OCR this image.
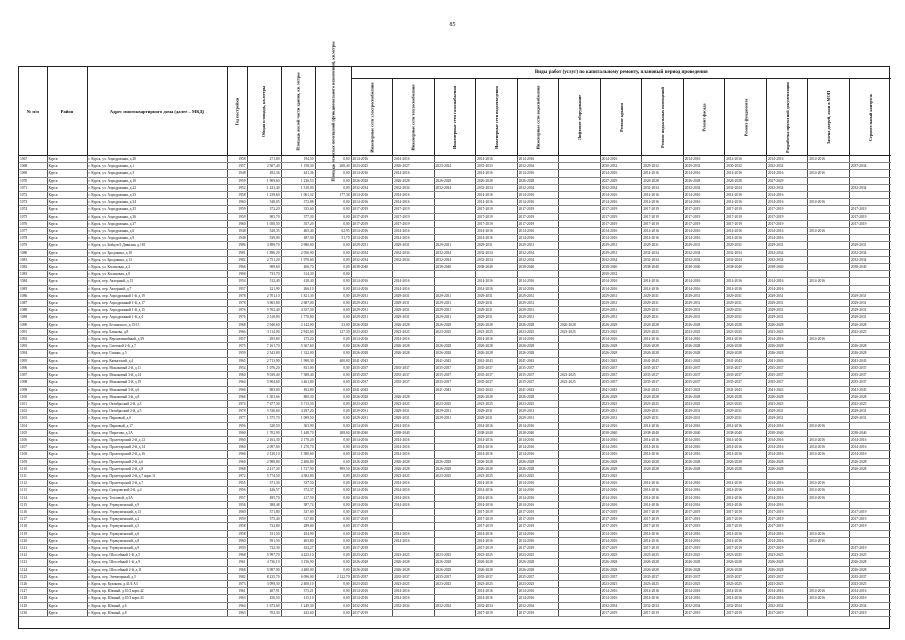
85
№ п/п	Район	Адрес многоквартирного дома (далее – МКД)	Год постройки	Общая площадь, кв.метры	Площадь жилой части здания, кв. метры	Площадь нежилых помещений (функционального назначения), кв.метры	Виды работ (услуг) по капитальному ремонту, плановый период проведения												

							Инженерные сети электроснабжения	Инженерные сети теплоснабжения	Инженерные сети газоснабжения	Инженерные сети водоотведения	Инженерные сети водоснабжения	Лифтовое оборудование	Ремонт крыши	Ремонт подвальных помещений	Ремонт фасада	Ремонт фундамента	Разработка проектной документации	Замена дверей, окон в МОП	Строительный контроль
1067	Курск	г. Курск, ул. Аэродромная, д.20	1958	271,80	194,50	0,00	2014-2016	2014-2016		2014-2016	2014-2016		2014-2016		2014-2016	2014-2016	2014-2016	2014-2016	
1068	Курск	г. Курск, ул. Аэродромная, д.1	1957	2 307,40	1 158,30	268,40	2023-2025	2026-2027	2023-2024	2031-2033	2032-2034		2030-2032	2029-2032	2029-2032	2030-2032	2032-2034		2037-2034
1069	Курск	г. Курск, ул. Аэродромная, д.3	1948	492,36	441,36	0,00	2014-2016	2014-2016		2014-2016	2014-2016		2014-2016	2014-2016	2014-2016	2014-2016	2014-2016	2014-2016	
1070	Курск	г. Курск, ул. Аэродромная, д.10	1959	1 909,60	1 236,53	0,00	2026-2028	2026-2028	2026-2028	2026-2028	2026-2028		2027-2029	2026-2028	2026-2028	2026-2028	2027-2029		
1071	Курск	г. Курск, ул. Аэродромная, д.22	1952	1 423,40	1 310,00	0,00	2032-2034	2032-2034	2032-2034	2032-2034	2032-2034		2032-2034	2032-2034	2032-2034	2032-2034	2032-2034		2032-2034
1072	Курск	г. Курск, ул. Аэродромная, д.33	1958	1 239,60	1 061,32	177,38	2014-2016	2014-2016		2014-2016	2014-2016		2014-2016	2014-2016	2014-2016	2014-2016	2014-2016		
1073	Курск	г. Курск, ул. Аэродромная, д.34	1960	548,05	372,88	0,00	2014-2016	2014-2016		2014-2016	2014-2016		2014-2016	2014-2016	2014-2016	2014-2016	2014-2016	2014-2016	
1074	Курск	г. Курск, ул. Аэродромная, д.35	1959	372,20	333,60	0,00	2017-2019	2017-2019		2017-2019	2017-2019		2017-2019	2017-2019	2017-2019	2017-2019	2017-2019		2017-2019
1075	Курск	г. Курск, ул. Аэродромная, д.36	1959	905,70	377,30	0,00	2017-2019	2017-2019		2017-2019	2017-2019		2017-2019	2017-2019	2017-2019	2017-2019	2017-2019		2017-2019
1076	Курск	г. Курск, ул. Аэродромная, д.37	1960	1 050,50	557,20	0,00	2017-2019	2017-2019		2017-2019	2017-2019		2017-2019	2017-2019	2017-2019	2017-2019	2017-2019		2017-2019
1077	Курск	г. Курск, ул. Аэродромная, д.6	1948	528,35	465,40	62,95	2014-2016	2014-2016		2014-2016	2014-2016		2014-2016	2014-2016	2014-2016	2014-2016	2014-2016	2014-2016	
1078	Курск	г. Курск, ул. Аэродромная, д.9	1948	539,00	487,30	51,70	2014-2016	2014-2016		2014-2016	2014-2016		2014-2016	2014-2016	2014-2016	2014-2016	2014-2016		
1079	Курск	г. Курск, ул. Бойцов 9 Дивизии, д.181	1986	3 899,70	2 980,00	0,00	2029-2031	2029-2031	2029-2031	2029-2031	2029-2031		2029-2031	2029-2031	2029-2031	2029-2031	2029-2031		2029-2031
1080	Курск	г. Курск, ул. Бродокина, д.18	1981	1 896,20	2 056,90	0,00	2032-2034	2032-2034	2032-2034	2032-2034	2032-2034		2029-2031	2032-2034	2032-2034	2032-2034	2032-2034		2032-2034
1081	Курск	г. Курск, ул. Бродокина, д.13	1982	2 751,20	1 970,60	0,00	2032-2034	2032-2034	2032-2034	2032-2034	2032-2034		2032-2034	2032-2034	2032-2034	2032-2034	2032-2034		2032-2034
1082	Курск	г. Курск, ул. Косиновая, д.2	1966	989,60	406,70	0,00	2038-2040		2038-2040	2038-2040	2038-2040		2038-2040	2038-2040	2038-2040	2038-2040	2038-2040		2038-2040
1083	Курск	г. Курск, ул. Косиновая, д.8	1968	733,70	314,30	0,00							2030-2032						
1084	Курск	г. Курск, пер. Акторный, д.15	1954	512,40	418,40	0,00	2014-2016	2014-2016		2014-2016	2014-2016		2014-2016	2014-2016	2014-2016	2014-2016	2014-2016	2014-2016	
1085	Курск	г. Курск, пер. Акторный, д.7	1957	321,90	266,10	0,00	2014-2016	2014-2016		2014-2016	2014-2016		2014-2016	2014-2016	2014-2016	2014-2016	2014-2016		
1086	Курск	г. Курск, пер. Аэродромный 1-й, д.19	1978	2 701,10	1 821,30	0,00	2029-2031	2029-2031	2029-2031	2029-2031	2029-2031		2029-2031	2029-2031	2029-2031	2029-2031	2029-2031		2029-2031
1087	Курск	г. Курск, пер. Аэродромный 1-й, д.17	1978	3 965,80	2 687,00	0,00	2029-2031	2029-2031	2029-2031	2029-2031	2029-2031		2029-2031	2029-2031	2029-2031	2029-2031	2029-2031		2029-2031
1088	Курск	г. Курск, пер. Аэродромный 1-й, д.15	1976	5 702,40	4 357,30	0,00	2029-2031	2029-2031	2029-2031	2029-2031	2029-2031		2029-2031	2029-2031	2029-2031	2029-2031	2029-2031		2029-2031
1089	Курск	г. Курск, пер. Аэродромный 1-й, д.4	1976	2 518,90	1 770,80	0,00	2029-2031	2029-2031	2029-2031	2029-2031	2029-2031		2029-2031	2029-2031	2029-2031	2029-2031	2029-2031		2029-2031
1090	Курск	г. Курск, пер. Белинского, д.15/15	1968	2 940,60	2 142,00	23,00	2026-2028	2026-2028	2026-2028	2026-2028	2026-2028	2026-2028	2026-2028	2026-2028	2026-2028	2026-2028	2026-2028		2026-2028
1091	Курск	г. Курск, пер. Блинова, д.8	1966	3 114,00	2 945,60	127,30	2023-2025	2023-2025	2023-2025	2023-2025	2023-2025	2023-2025	2023-2025	2023-2025	2023-2025	2023-2025	2023-2025		2023-2025
1092	Курск	г. Курск, пер. Верхнелинейный, д.59	1957	295,80	275,20	0,00	2014-2016	2014-2016		2014-2016	2014-2016		2014-2016	2014-2016	2014-2016	2014-2016	2014-2016	2014-2016	
1093	Курск	г. Курск, пер. Газетный 2-й, д.7	1975	7 161,70	5 367,60	0,00	2026-2028	2026-2028	2026-2028	2026-2028	2026-2028		2026-2028	2026-2028	2026-2028	2026-2028	2026-2028		2026-2028
1094	Курск	г. Курск, пер. Глинки, д.5	1959	2 343,80	1 322,00	0,00	2026-2028	2026-2028	2026-2028	2026-2028	2026-2028		2026-2028	2026-2028	2026-2028	2026-2028	2026-2028		2026-2028
1095	Курск	г. Курск, пер. Кавказский, д.4	1965	2 713,90	1 998,30	400,80	2041-2043		2041-2043	2041-2043	2041-2043		2041-2043	2041-2043	2041-2043	2041-2043	2041-2043		2041-2043
1096	Курск	г. Курск, пер. Монаковый 2-й, д.11	1954	1 076,20	831,00	0,00	2035-2037	2035-2037	2035-2037	2035-2037	2035-2037		2035-2037	2035-2037	2035-2037	2035-2037	2035-2037		2035-2037
1097	Курск	г. Курск, пер. Монаковый 3-й, д.14	1960	9 039,40	7 388,40	0,00	2035-2037	2035-2037	2035-2037	2035-2037	2035-2037	2023-2025	2035-2037	2035-2037	2035-2037	2035-2037	2035-2037		2035-2037
1098	Курск	г. Курск, пер. Монаковый 3-й, д.19	1964	5 904,60	3 461,80	0,00	2035-2037	2035-2037	2035-2037	2035-2037	2035-2037	2023-2025	2035-2037	2035-2037	2035-2037	2035-2037	2035-2037		2035-2037
1099	Курск	г. Курск, пер. Монаковый 3-й, д.6	1966	883,00	492,80	0,00	2041-2043		2041-2043	2041-2043	2041-2043		2041-2043	2041-2043	2041-2043	2041-2043	2041-2043		2041-2043
1100	Курск	г. Курск, пер. Монаковый 3-й, д.8	1966	1 303,66	800,30	0,00	2026-2028	2026-2028		2026-2028	2026-2028		2026-2028	2026-2028	2026-2028	2026-2028	2026-2028		2026-2028
1101	Курск	г. Курск, пер. Октябрьский 2-й, д.3	1974	7 677,30	5 713,50	0,00	2023-2025	2023-2025	2023-2025	2023-2025	2023-2025		2023-2025	2023-2025	2023-2025	2023-2025	2023-2025		2023-2025
1102	Курск	г. Курск, пер. Октябрьский 2-й, д.5	1978	5 536,60	4 297,20	0,00	2029-2031	2029-2031	2029-2031	2029-2031	2029-2031		2029-2031	2029-2031	2029-2031	2029-2031	2029-2031		2029-2031
1103	Курск	г. Курск, пер. Парковый, д.6	1977	1 575,70	1 099,50	0,00	2029-2031	2029-2031	2029-2031	2029-2031	2029-2031		2029-2031	2029-2031	2029-2031	2029-2031	2029-2031		2029-2031
1104	Курск	г. Курск, пер. Парковый, д.17	1956	320,50	303,90	0,00	2014-2016	2014-2016		2014-2016	2014-2016		2014-2016	2014-2016	2014-2016	2014-2016	2014-2016	2014-2016	
1105	Курск	г. Курск, пер. Пирогова, д.3А	1960	1 702,90	1 448,70	208,60	2038-2040	2038-2040		2038-2040	2038-2040		2038-2040	2038-2040	2038-2040	2038-2040	2038-2040		2038-2040
1106	Курск	г. Курск, пер. Пролетарский 2-й, д.12	1960	2 163,30	2 170,20	0,00	2014-2016	2014-2016		2014-2016	2014-2016		2014-2016	2014-2016	2014-2016	2014-2016	2014-2016	2014-2016	2014-2016
1107	Курск	г. Курск, пер. Пролетарский 2-й, д.14	1960	2 097,60	1 270,70	0,00	2014-2016	2014-2016		2014-2016	2014-2016		2014-2016	2014-2016	2014-2016	2014-2016	2014-2016	2014-2016	2014-2016
1108	Курск	г. Курск, пер. Пролетарский 2-й, д.16	1966	2 120,10	1 380,60	0,00	2014-2016	2014-2016		2014-2016	2014-2016		2014-2016	2014-2016	2014-2016	2014-2016	2014-2016	2014-2016	2014-2016
1109	Курск	г. Курск, пер. Пролетарский 2-й, д.6	1960	2 988,80	2 406,80	0,00	2026-2028	2026-2028	2026-2028	2026-2028	2026-2028		2026-2028	2026-2028	2026-2028	2026-2028	2026-2028		2026-2028
1110	Курск	г. Курск, пер. Пролетарский 2-й, д.8	1968	2 417,30	1 517,90	899,50	2026-2028	2026-2028	2026-2028	2026-2028	2026-2028		2026-2028	2026-2028	2026-2028	2026-2028	2026-2028		2026-2028
1111	Курск	г. Курск, пер. Пролетарский 2-й, д.7 корп.11	1972	5 774,50	4 382,80	0,00	2023-2025	2023-2025	2023-2025	2023-2025	2023-2025		2023-2025						
1112	Курск	г. Курск, пер. Пролетарский 2-й, д.7	1955	371,30	337,50	0,00	2014-2016	2014-2016		2014-2016	2014-2016		2014-2016	2014-2016	2014-2016	2014-2016	2014-2016	2014-2016	
1113	Курск	г. Курск, пер. Суворовский 2-й, д.4	1956	426,57	372,37	0,00	2014-2016	2014-2016		2014-2016	2014-2016		2014-2016	2014-2016	2014-2016	2014-2016	2014-2016	2014-2016	
1114	Курск	г. Курск, пер. Тепловой, д.3А	1957	495,70	417,50	0,00	2014-2016	2014-2016		2014-2016	2014-2016		2014-2016	2014-2016	2014-2016	2014-2016	2014-2016	2014-2016	
1115	Курск	г. Курск, пер. Угрекуменский, д.9	1956	388,48	387,74	0,00	2014-2016	2014-2016		2014-2016	2014-2016		2014-2016	2014-2016	2014-2016	2014-2016	2014-2016		
1116	Курск	г. Курск, пер. Угрекуменский, д.13	1960	371,80	337,00	0,00	2017-2019			2017-2019	2017-2019		2017-2019	2017-2019	2017-2019	2017-2019	2017-2019		2017-2019
1117	Курск	г. Курск, пер. Угрекуменский, д.2	1959	575,40	317,80	0,00	2017-2019			2017-2019	2017-2019		2017-2019	2017-2019	2017-2019	2017-2019	2017-2019		2017-2019
1118	Курск	г. Курск, пер. Угрекуменский, д.5	1958	732,80	289,00	0,00	2017-2019			2017-2019	2017-2019		2017-2019	2017-2019	2017-2019	2017-2019	2017-2019		2017-2019
1119	Курск	г. Курск, пер. Угрекуменский, д.6	1958	511,50	454,90	0,00	2014-2016	2014-2016		2014-2016	2014-2016		2014-2016	2014-2016	2014-2016	2014-2016	2014-2016	2014-2016	
1120	Курск	г. Курск, пер. Угрекуменский, д.8	1960	591,50	463,80	0,00	2014-2016	2014-2016		2014-2016	2014-2016		2014-2016	2014-2016	2014-2016	2014-2016	2014-2016	2014-2016	
1121	Курск	г. Курск, пер. Угрекуменский, д.9	1959	722,30	434,27	0,00	2017-2019			2017-2019	2017-2019		2017-2019	2017-2019	2017-2019	2017-2019	2017-2019		2017-2019
1122	Курск	г. Курск, пер. Шоссейный 1-й, д.5	1968	5 997,70	4 423,10	0,00	2023-2025	2023-2025	2023-2025	2023-2025	2023-2025		2023-2025	2023-2025	2023-2025	2023-2025	2023-2025		2023-2025
1123	Курск	г. Курск, пер. Шоссейный 1-й, д.9	1961	4 736,10	3 156,90	0,00	2026-2028	2026-2028	2026-2028	2026-2028	2026-2028		2026-2028	2026-2028	2026-2028	2026-2028	2026-2028		2026-2028
1124	Курск	г. Курск, пер. Шоссейный 2-й, д.11	1968	5 987,90	4 480,00	0,00	2026-2028	2026-2028	2026-2028	2026-2028	2026-2028		2026-2028	2026-2028	2026-2028	2026-2028	2026-2028		2026-2028
1125	Курск	г. Курск, пер. Элеваторный, д.5	1982	8 235,70	6 096,00	2 122,70	2035-2037	2035-2037	2035-2037	2035-2037	2035-2037		2035-2037	2035-2037	2035-2037	2035-2037	2035-2037		2035-2037
1126	Курск	г. Курск, пр. Кулакова, д.41/4 А3	1973	3 099,30	2 400,10	0,00	2023-2025	2023-2025	2023-2025	2023-2025	2023-2025		2023-2025	2023-2025	2023-2025	2023-2025	2023-2025		2023-2025
1127	Курск	г. Курск, пр. Южный, д.10/2 корп.42	1961	407,91	373,21	0,00	2014-2016	2014-2016		2014-2016	2014-2016		2014-2016	2014-2016	2014-2016	2014-2016	2014-2016	2014-2016	2014-2016
1128	Курск	г. Курск, пр. Южный, д.10/3 корп.43	1963	456,50	415,10	0,00	2014-2016	2014-2016		2014-2016	2014-2016		2014-2016	2014-2016	2014-2016	2014-2016	2014-2016	2014-2016	2014-2016
1129	Курск	г. Курск, пр. Южный, д.6	1964	1 673,60	1 249,30	0,00	2032-2034	2032-2034	2032-2034	2032-2034	2032-2034		2032-2034	2032-2034	2032-2034	2032-2034	2032-2034		2032-2034
1130	Курск	г. Курск, пр. Южный, д.8	1963	702,30	443,60	0,00	2017-2019			2017-2019	2017-2019		2017-2019	2017-2019	2017-2019	2017-2019	2017-2019		2017-2019
